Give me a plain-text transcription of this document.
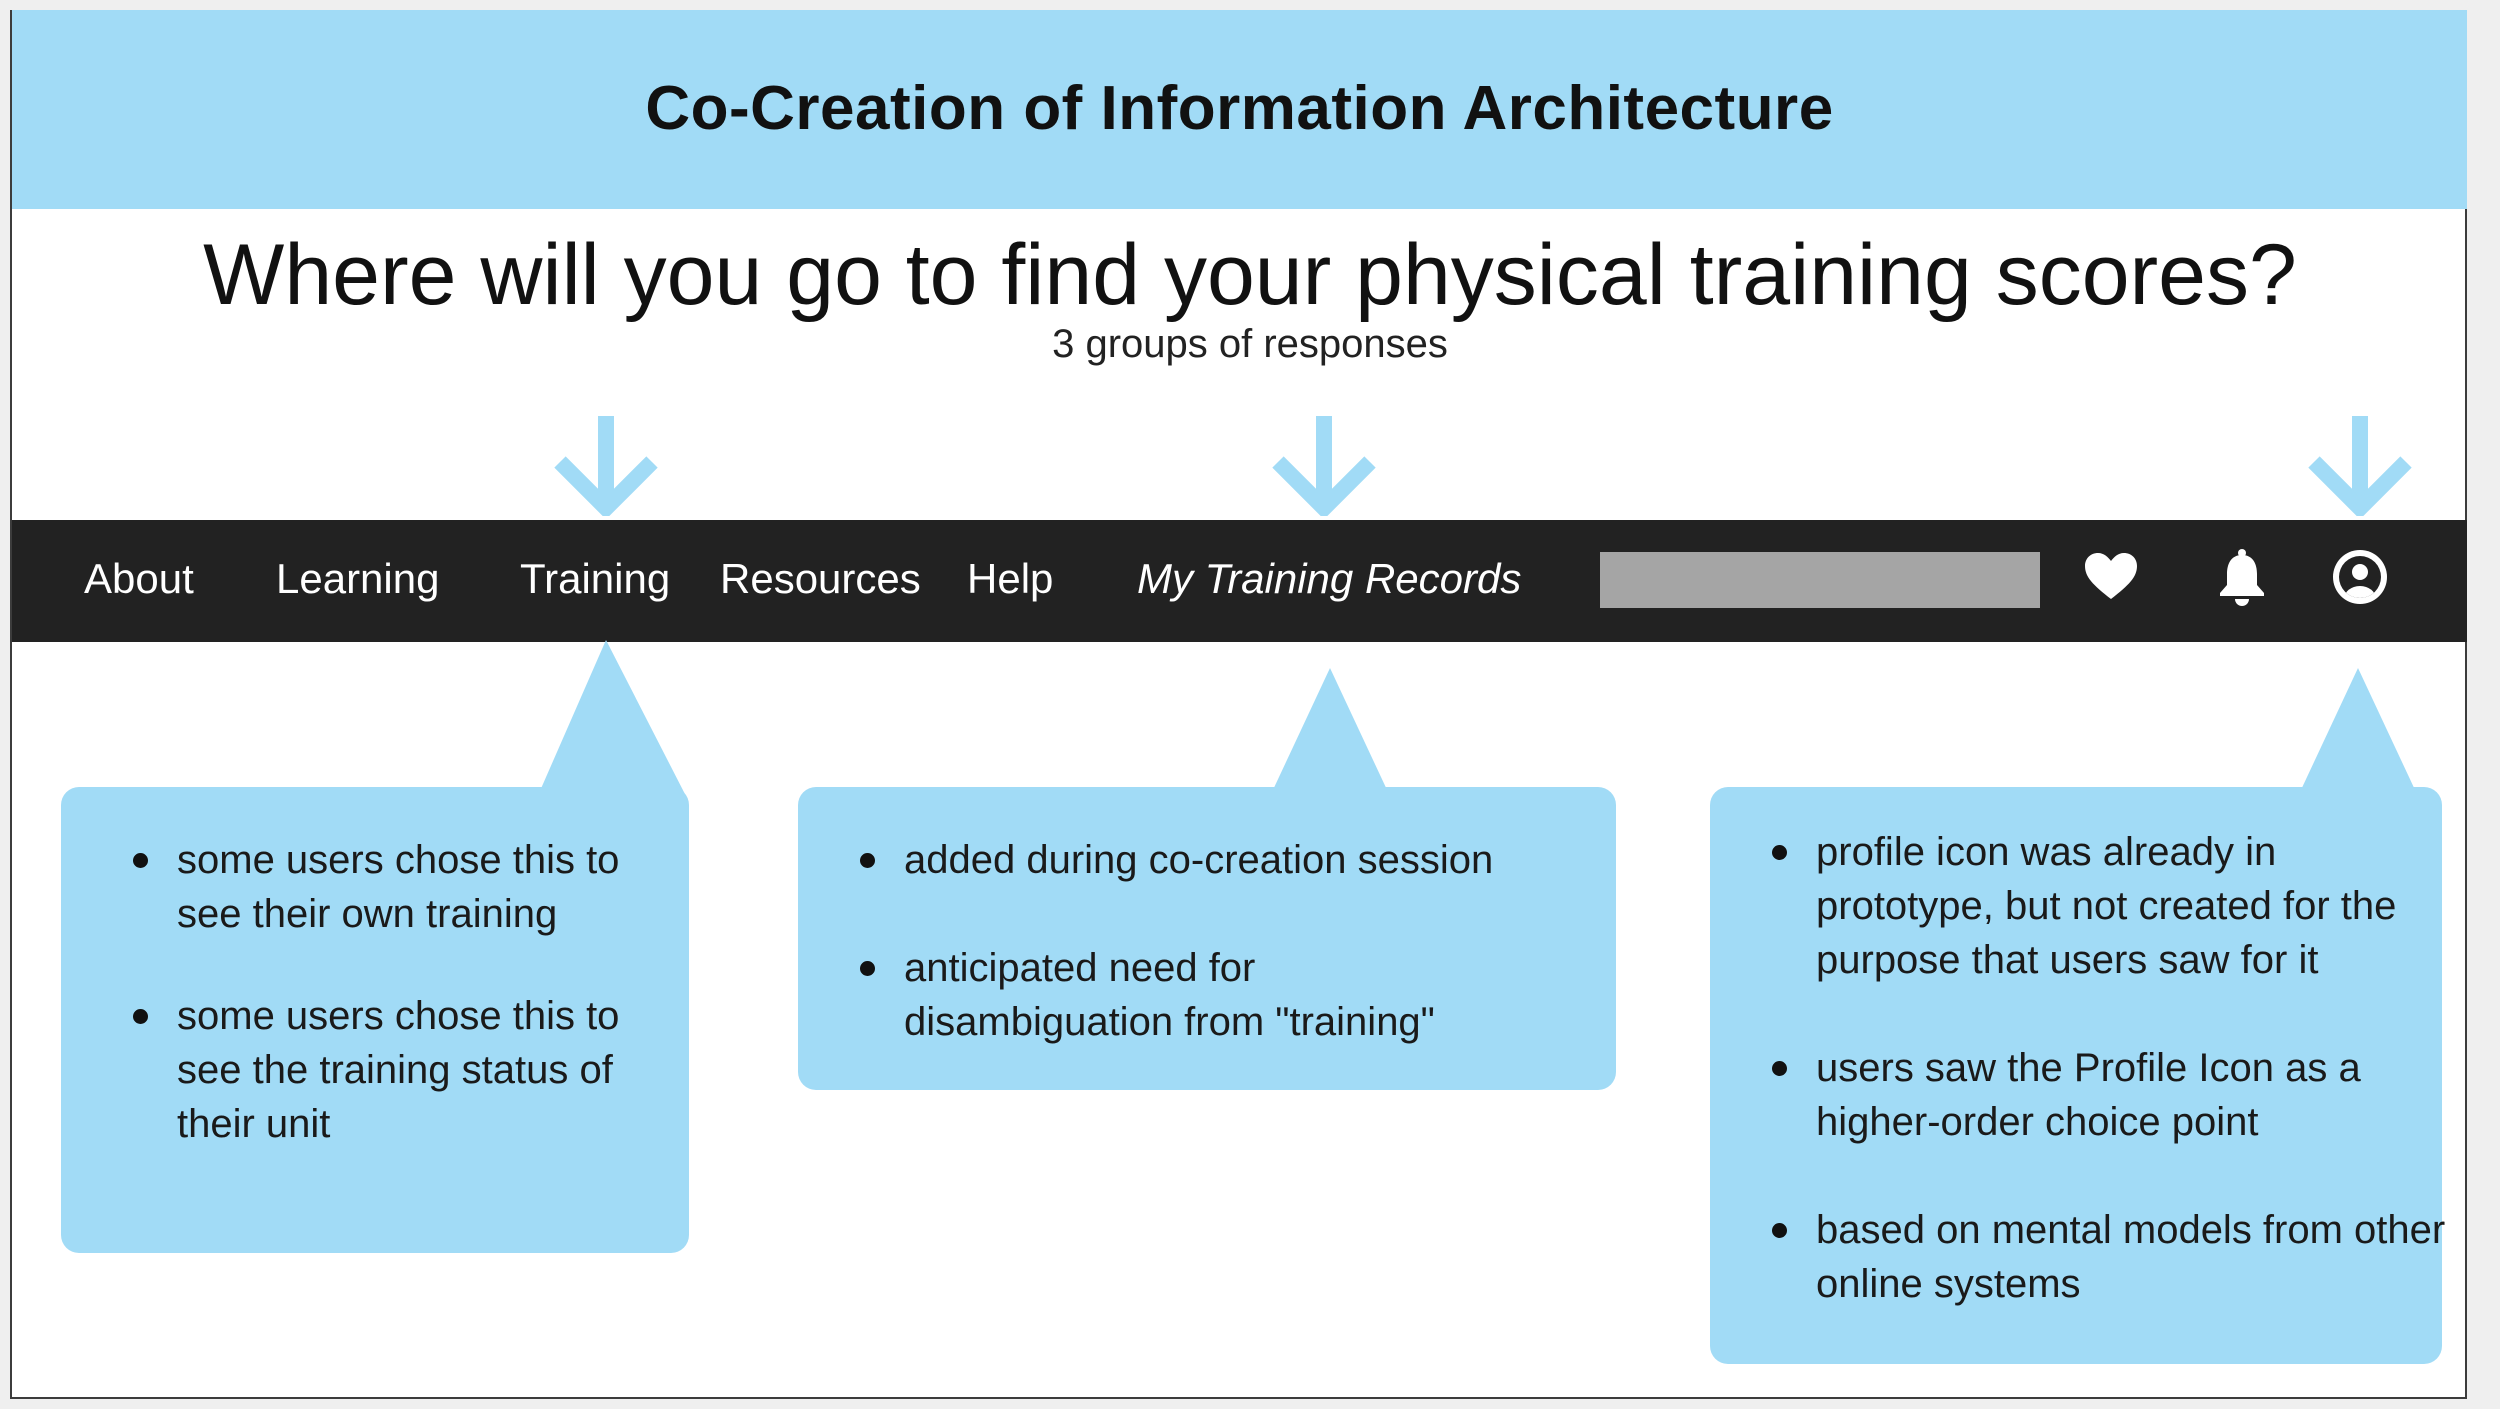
Co-Creation of Information Architecture
Where will you go to find your physical training scores?
3 groups of responses
About Learning Training Resources Help My Training Records
some users chose this to see their own training
some users chose this to see the training status of their unit
added during co-creation session
anticipated need for disambiguation from "training"
profile icon was already in prototype, but not created for the purpose that users saw for it
users saw the Profile Icon as a higher-order choice point
based on mental models from other online systems
